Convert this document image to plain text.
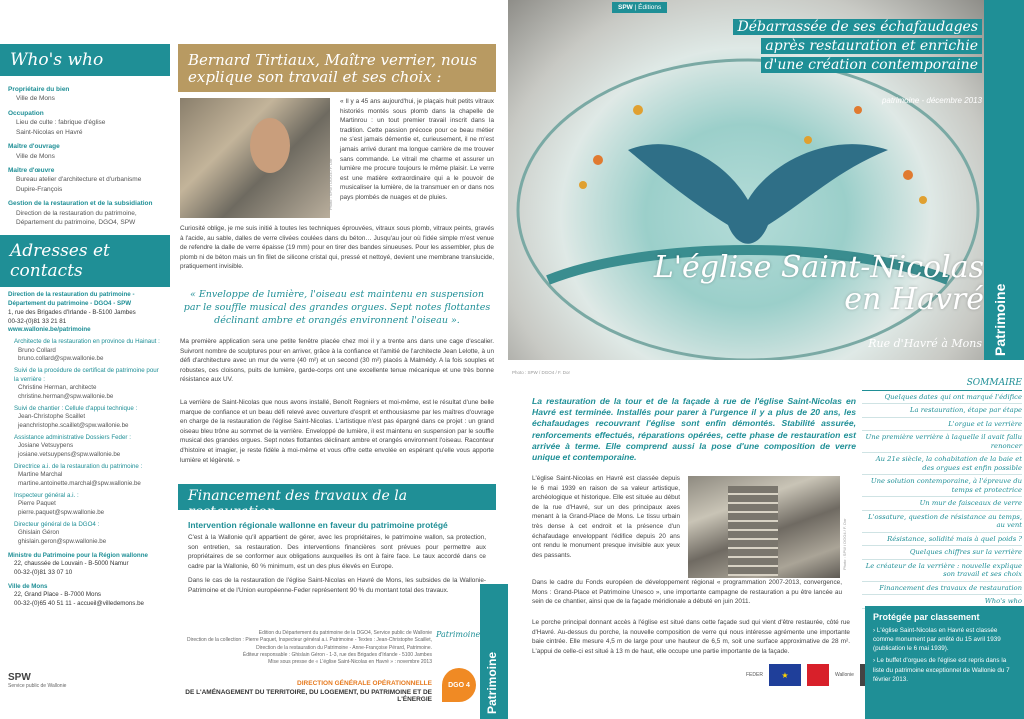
Who's who
Propriétaire du bien
Ville de Mons
Occupation
Lieu de culte : fabrique d'église
Saint-Nicolas en Havré
Maître d'ouvrage
Ville de Mons
Maître d'œuvre
Bureau atelier d'architecture et d'urbanisme
Dupire-François
Gestion de la restauration et de la subsidiation
Direction de la restauration du patrimoine,
Département du patrimoine, DGO4, SPW
Adresses et contacts
Direction de la restauration du patrimoine - Département du patrimoine - DGO4 - SPW
1, rue des Brigades d'Irlande - B-5100 Jambes
00-32-(0)81 33 21 81
www.wallonie.be/patrimoine
Architecte de la restauration en province du Hainaut :
Bruno Collard
bruno.collard@spw.wallonie.be
Suivi de la procédure de certificat de patrimoine pour la verrière :
Christine Herman, architecte
christine.herman@spw.wallonie.be
Suivi de chantier : Cellule d'appui technique :
Jean-Christophe Scaillet
jeanchristophe.scaillet@spw.wallonie.be
Assistance administrative Dossiers Feder :
Josiane Vetsuypens
josiane.vetsuypens@spw.wallonie.be
Directrice a.i. de la restauration du patrimoine :
Martine Marchal
martine.antoinette.marchal@spw.wallonie.be
Inspecteur général a.i. :
Pierre Paquet
pierre.paquet@spw.wallonie.be
Directeur général de la DGO4 :
Ghislain Géron
ghislain.geron@spw.wallonie.be
Ministre du Patrimoine pour la Région wallonne
22, chaussée de Louvain - B-5000 Namur
00-32-(0)81 33 07 10
Ville de Mons
22, Grand Place - B-7000 Mons
00-32-(0)65 40 51 11 - accueil@villedemons.be
SPW
Service public de Wallonie
Bernard Tirtiaux, Maître verrier, nous explique son travail et ses choix :
Photo : SPW / DGO4 / F. Dor
« Il y a 45 ans aujourd'hui, je plaçais huit petits vitraux historiés montés sous plomb dans la chapelle de Martinrou : un tout premier travail inscrit dans la tradition. Cette passion précoce pour ce beau métier ne s'est jamais démentie et, curieusement, il ne m'est jamais arrivé durant ma longue carrière de me trouver sans commande. Le vitrail me charme et assurer un lumière me procure toujours le même plaisir. Le verre est une matière extraordinaire qui a le pouvoir de musicaliser la lumière, de la transmuer en or dans nos pays plombés de nuages et de pluies.
Curiosité oblige, je me suis initié à toutes les techniques éprouvées, vitraux sous plomb, vitraux peints, gravés à l'acide, au sable, dalles de verre clivées coulées dans du béton… Jusqu'au jour où l'idée simple m'est venue de refendre la dalle de verre épaisse (19 mm) pour en tirer des bandes sinueuses. Pour les assembler, plus de plomb ni de béton mais un fin filet de silicone cristal qui, pressé et nettoyé, devient une membrane translucide, pratiquement invisible.
« Enveloppe de lumière, l'oiseau est maintenu en suspension par le souffle musical des grandes orgues. Sept notes flottantes déclinant ambre et orangés environnent l'oiseau ».
Ma première application sera une petite fenêtre placée chez moi il y a trente ans dans une cage d'escalier. Suivront nombre de sculptures pour en arriver, grâce à la confiance et l'amitié de l'architecte Jean Lelotte, à un défi d'architecture avec un mur de verre (40 m²) et un second (30 m²) placés à Malmédy. A la fois souples et robustes, ces cloisons, puits de lumière, garde-corps ont une excellente tenue mécanique et une très bonne résistance aux UV.
La verrière de Saint-Nicolas que nous avons installé, Benoît Regniers et moi-même, est le résultat d'une belle marque de confiance et un beau défi relevé avec ouverture d'esprit et enthousiasme par les maîtres d'ouvrage en charge de la restauration de l'église Saint-Nicolas. L'artistique n'est pas épargné dans ce projet : un grand oiseau bleu trône au sommet de la verrière. Enveloppé de lumière, il est maintenu en suspension par le souffle musical des grandes orgues. Sept notes flottantes déclinant ambre et orangés environnent l'oiseau. Raconteur d'histoire et imagier, je reste fidèle à moi-même et vous offre cette envolée en espérant qu'elle vous apporte lumière et légèreté. »
Financement des travaux de la restauration
Intervention régionale wallonne en faveur du patrimoine protégé
C'est à la Wallonie qu'il appartient de gérer, avec les propriétaires, le patrimoine wallon, sa protection, son entretien, sa restauration. Des interventions financières sont prévues pour permettre aux propriétaires de se conformer aux obligations auxquelles ils ont à faire face. Le taux accordé dans ce cadre par la Wallonie, 60 % minimum, est un des plus élevés en Europe.
Dans le cas de la restauration de l'église Saint-Nicolas en Havré de Mons, les subsides de la Wallonie-Patrimoine et de l'Union européenne-Feder représentent 90 % du montant total des travaux.
Edition du Département du patrimoine de la DGO4, Service public de Wallonie
Direction de la collection : Pierre Paquet, Inspecteur général a.i. Patrimoine - Textes : Jean-Christophe Scaillet,
Direction de la restauration du Patrimoine - Anne-Françoise Pérard, Patrimoine.
Éditeur responsable : Ghislain Géron - 1-3, rue des Brigades d'Irlande - 5100 Jambes
Mise sous presse de « L'église Saint-Nicolas en Havré » : novembre 2013
Patrimoine
DIRECTION GÉNÉRALE OPÉRATIONNELLE
DE L'AMÉNAGEMENT DU TERRITOIRE, DU LOGEMENT, DU PATRIMOINE ET DE L'ÉNERGIE
DGO 4
SPW | Éditions
Débarrassée de ses échafaudages
après restauration et enrichie
d'une création contemporaine
patrimoine - décembre 2013
L'église Saint-Nicolas
en Havré
Rue d'Havré à Mons Patrimoine
Photo : SPW / DGO4 / F. Dor
Patrimoine
La restauration de la tour et de la façade à rue de l'église Saint-Nicolas en Havré est terminée. Installés pour parer à l'urgence il y a plus de 20 ans, les échafaudages recouvrant l'église sont enfin démontés. Stabilité assurée, renforcements effectués, réparations opérées, cette phase de restauration est arrivée à terme. Elle comprend aussi la pose d'une composition de verre unique et contemporaine.
L'église Saint-Nicolas en Havré est classée depuis le 6 mai 1939 en raison de sa valeur artistique, archéologique et historique. Elle est située au début de la rue d'Havré, sur un des principaux axes menant à la Grand-Place de Mons. Le tissu urbain très dense à cet endroit et la présence d'un échafaudage enveloppant l'édifice depuis 20 ans ont rendu le monument presque invisible aux yeux des passants.	Photo : SPW / DGO4 / F. Dor
Dans le cadre du Fonds européen de développement régional « programmation 2007-2013, convergence, Mons : Grand-Place et Patrimoine Unesco », une importante campagne de restauration a pu être lancée au sein de ce chantier, ainsi que de la façade méridionale a débuté en juin 2011.
Le porche principal donnant accès à l'église est situé dans cette façade sud qui vient d'être restaurée, côté rue d'Havré. Au-dessus du porche, la nouvelle composition de verre qui nous intéresse agrémente une importante baie cintrée. Elle mesure 4,5 m de large pour une hauteur de 6,5 m, soit une surface approximative de 28 m². L'appui de celle-ci est situé à 13 m de haut, elle occupe une partie importante de la façade.
FEDER	★	Wallonie
SOMMAIRE
Quelques dates qui ont marqué l'édifice
La restauration, étape par étape
L'orgue et la verrière
Une première verrière à laquelle il avait fallu renoncer
Au 21e siècle, la cohabitation de la baie et des orgues est enfin possible
Une solution contemporaine, à l'épreuve du temps et protectrice
Un mur de faisceaux de verre
L'ossature, question de résistance au temps, au vent
Résistance, solidité mais à quel poids ?
Quelques chiffres sur la verrière
Le créateur de la verrière : nouvelle explique son travail et ses choix
Financement des travaux de restauration
Who's who
Protégée par classement
› L'église Saint-Nicolas en Havré est classée comme monument par arrêté du 15 avril 1939 (publication le 6 mai 1939).
› Le buffet d'orgues de l'église est repris dans la liste du patrimoine exceptionnel de Wallonie du 7 février 2013.
